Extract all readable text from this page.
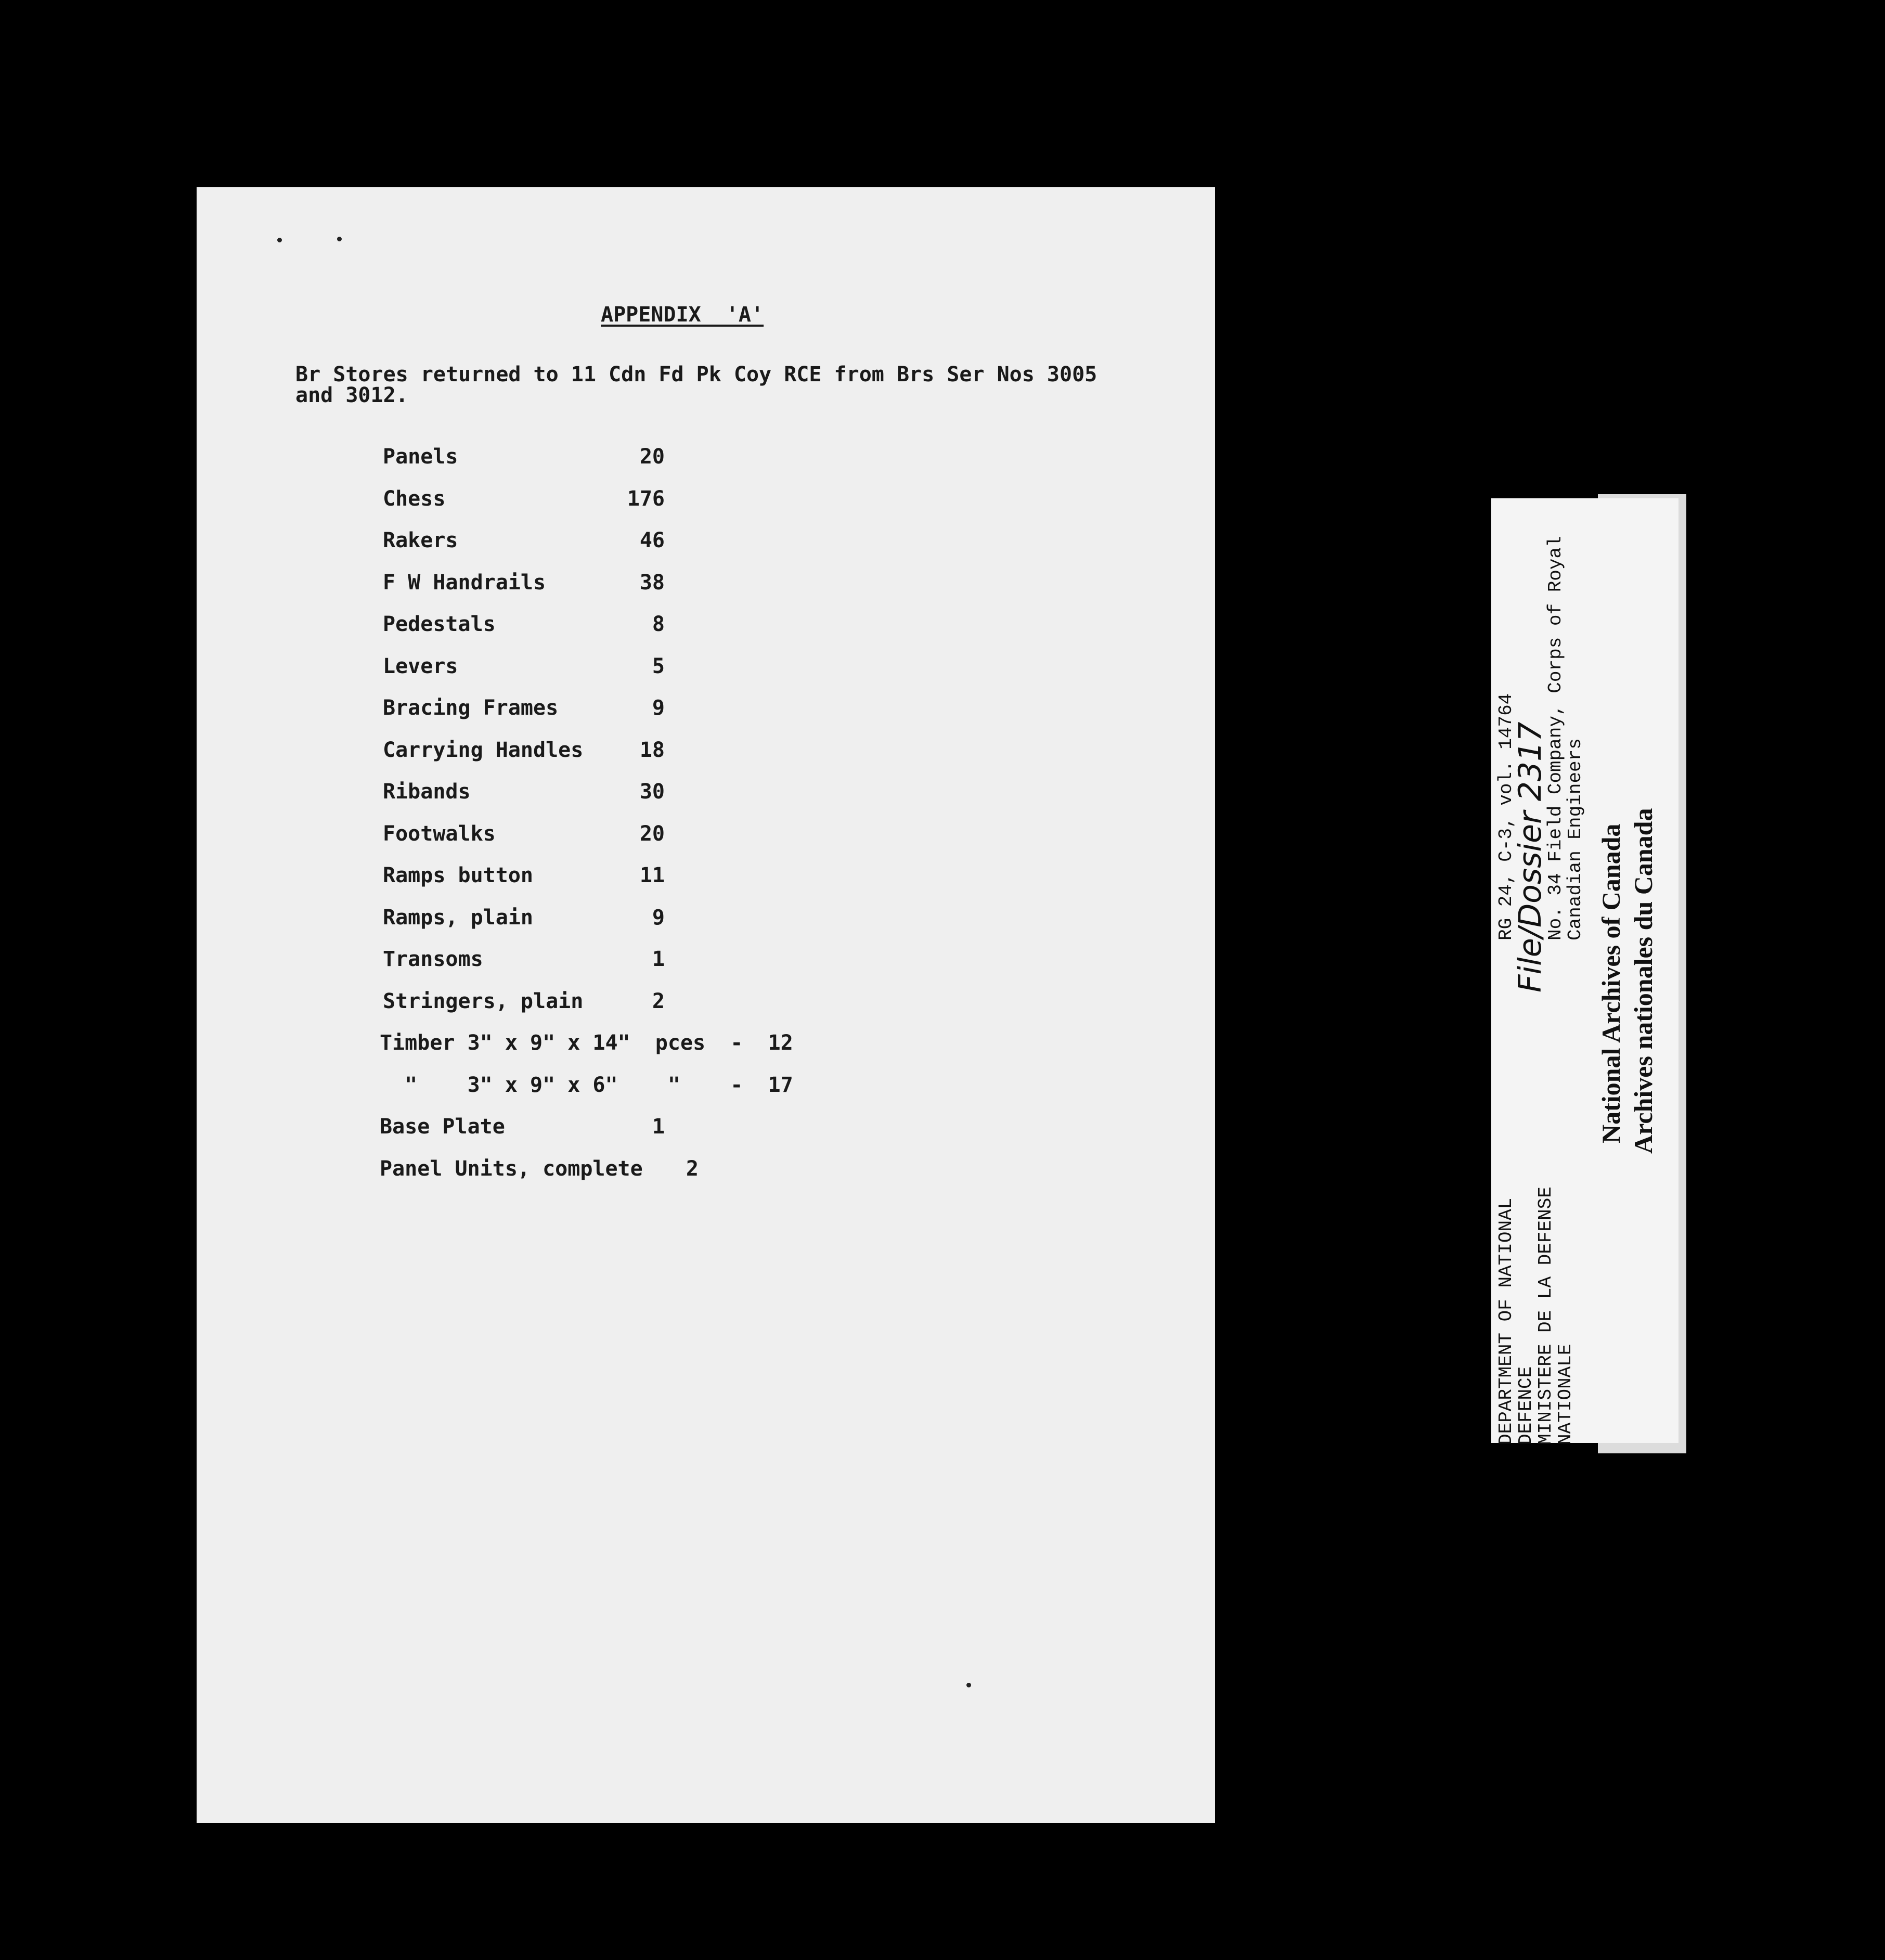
APPENDIX  'A'
Br Stores returned to 11 Cdn Fd Pk Coy RCE from Brs Ser Nos 3005 and 3012.
Panels	20
Chess	176
Rakers	46
F W Handrails	38
Pedestals	8
Levers	5
Bracing Frames	9
Carrying Handles	18
Ribands	30
Footwalks	20
Ramps button	11
Ramps, plain	9
Transoms	1
Stringers, plain	2
Timber 3" x 9" x 14"  pces  -  12
"    3" x 9" x 6"    "    -  17
Base Plate	1
Panel Units, complete	2
DEPARTMENT OF NATIONAL
DEFENCE
MINISTERE DE LA DEFENSE
NATIONALE
RG 24, C-3, vol. 14764
File/Dossier 2317
No. 34 Field Company, Corps of Royal
Canadian Engineers National Archives of Canada Archives nationales du Canada
